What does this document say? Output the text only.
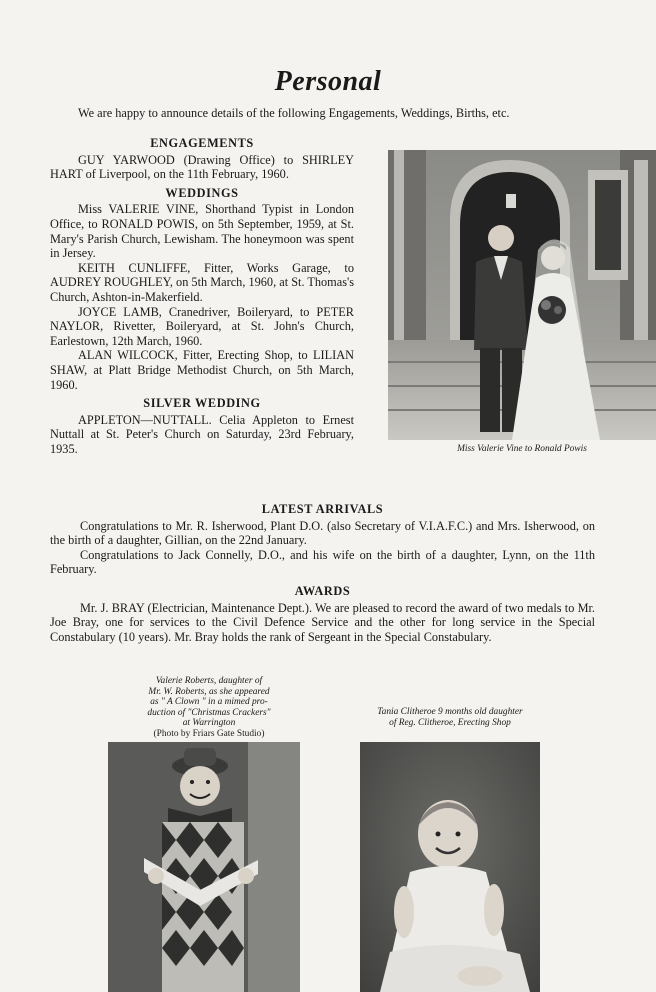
Personal

We are happy to announce details of the following Engagements, Weddings, Births, etc.

ENGAGEMENTS

GUY YARWOOD (Drawing Office) to SHIRLEY HART of Liverpool, on the 11th February, 1960.

WEDDINGS

Miss VALERIE VINE, Shorthand Typist in London Office, to RONALD POWIS, on 5th September, 1959, at St. Mary's Parish Church, Lewisham. The honeymoon was spent in Jersey.

KEITH CUNLIFFE, Fitter, Works Garage, to AUDREY ROUGHLEY, on 5th March, 1960, at St. Thomas's Church, Ashton-in-Makerfield.

JOYCE LAMB, Cranedriver, Boileryard, to PETER NAYLOR, Rivetter, Boileryard, at St. John's Church, Earlestown, 12th March, 1960.

ALAN WILCOCK, Fitter, Erecting Shop, to LILIAN SHAW, at Platt Bridge Methodist Church, on 5th March, 1960.

SILVER WEDDING

APPLETON—NUTTALL. Celia Appleton to Ernest Nuttall at St. Peter's Church on Saturday, 23rd February, 1935.	Miss Valerie Vine to Ronald Powis
LATEST ARRIVALS

Congratulations to Mr. R. Isherwood, Plant D.O. (also Secretary of V.I.A.F.C.) and Mrs. Isherwood, on the birth of a daughter, Gillian, on the 22nd January.

Congratulations to Jack Connelly, D.O., and his wife on the birth of a daughter, Lynn, on the 11th February.

AWARDS

Mr. J. BRAY (Electrician, Maintenance Dept.). We are pleased to record the award of two medals to Mr. Joe Bray, one for services to the Civil Defence Service and the other for long service in the Special Constabulary (10 years). Mr. Bray holds the rank of Sergeant in the Special Constabulary.

Valerie Roberts, daughter of
Mr. W. Roberts, as she appeared
as " A Clown " in a mimed pro-
duction of "Christmas Crackers"
at Warrington
(Photo by Friars Gate Studio)
Tania Clitheroe 9 months old daughter
of Reg. Clitheroe, Erecting Shop
